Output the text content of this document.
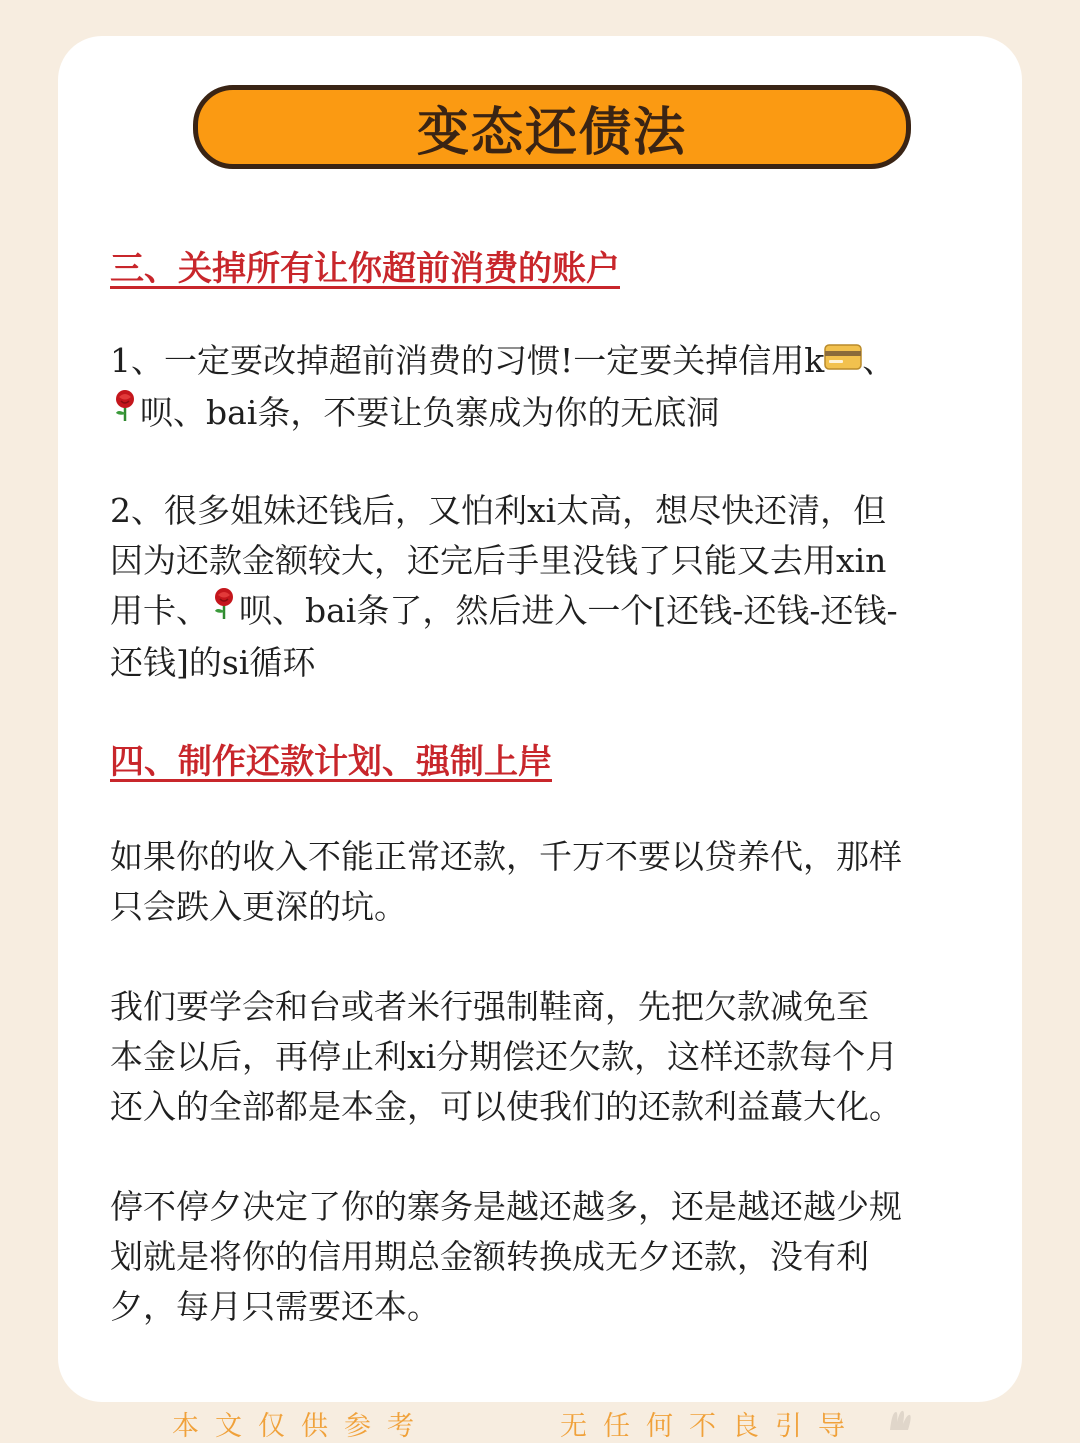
变态还债法
三、关掉所有让你超前消费的账户
1、一定要改掉超前消费的习惯!一定要关掉信用k 、
呗、bai条，不要让负寨成为你的无底洞
2、很多姐妹还钱后，又怕利xi太高，想尽快还清，但
因为还款金额较大，还完后手里没钱了只能又去用xin
用卡、 呗、bai条了，然后进入一个[还钱-还钱-还钱-
还钱]的si循环
四、制作还款计划、强制上岸
如果你的收入不能正常还款，千万不要以贷养代，那样
只会跌入更深的坑。
我们要学会和台或者米行强制鞋商，先把欠款减免至
本金以后，再停止利xi分期偿还欠款，这样还款每个月
还入的全部都是本金，可以使我们的还款利益蕞大化。
停不停夕决定了你的寨务是越还越多，还是越还越少规
划就是将你的信用期总金额转换成无夕还款，没有利
夕，每月只需要还本。
本文仅供参考	无任何不良引导
